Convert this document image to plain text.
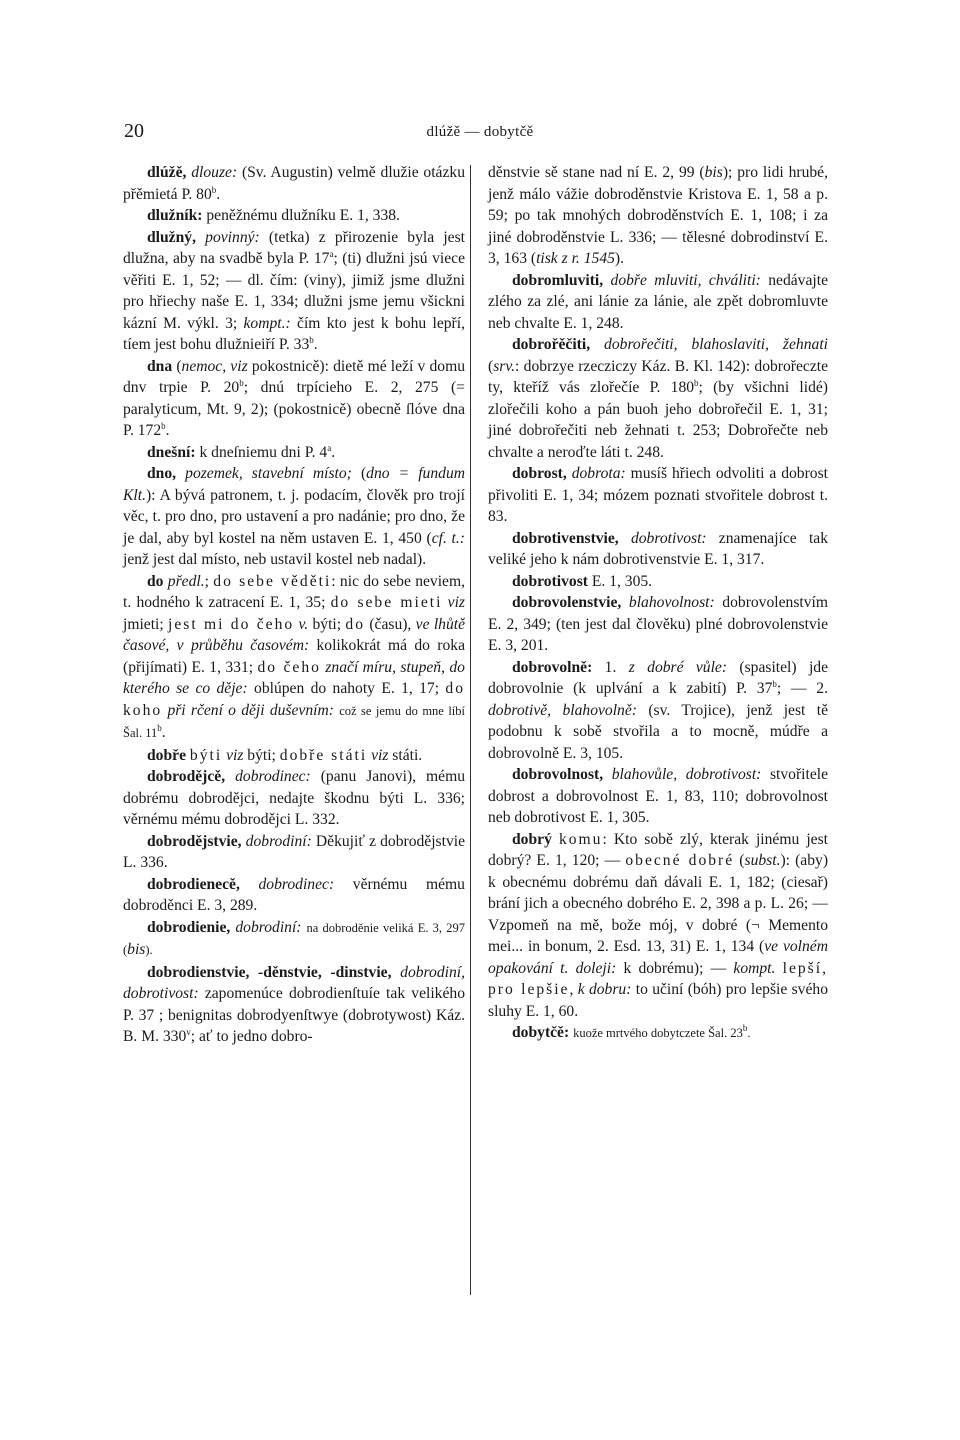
20	dlúžě — dobytčě

dlúžě, dlouze: (Sv. Augustin) velmě dlužie otázku přěmietá P. 80$^b$.

dlužník: peněžnému dlužníku E. 1, 338.

dlužný, povinný: (tetka) z přirozenie byla jest dlužna, aby na svadbě byla P. 17$^a$; (ti) dlužni jsú viece věřiti E. 1, 52; — dl. čím: (viny), jimiž jsme dlužni pro hřiechy naše E. 1, 334; dlužni jsme jemu všickni kázní M. výkl. 3; kompt.: čím kto jest k bohu lepří, tíem jest bohu dlužnieiří P. 33$^b$.

dna (nemoc, viz pokostnicě): dietě mé leží v domu dnv trpie P. 20$^b$; dnú trpícieho E. 2, 275 (= paralyticum, Mt. 9, 2); (pokostnicě) obecně ſlóve dna P. 172$^b$.

dnešní: k dneſniemu dni P. 4$^a$.

dno, pozemek, stavební místo; (dno = fundum Klt.): A bývá patronem, t. j. podacím, člověk pro trojí věc, t. pro dno, pro ustavení a pro nadánie; pro dno, že je dal, aby byl kostel na něm ustaven E. 1, 450 (cf. t.: jenž jest dal místo, neb ustavil kostel neb nadal).

do předl.; do sebe věděti: nic do sebe neviem, t. hodného k zatracení E. 1, 35; do sebe mieti viz jmieti; jest mi do čeho v. býti; do (času), ve lhůtě časové, v průběhu časovém: kolikokrát má do roka (přijímati) E. 1, 331; do čeho značí míru, stupeň, do kterého se co děje: oblúpen do nahoty E. 1, 17; do koho při rčení o ději duševním: což se jemu do mne líbí Šal. 11$^b$.

dobře býti viz býti; dobře státi viz státi.

dobrodějcě, dobrodinec: (panu Janovi), mému dobrému dobrodějci, nedajte škodnu býti L. 336; věrnému mému dobrodějci L. 332.

dobrodějstvie, dobrodiní: Děkujiť z dobrodějstvie L. 336.

dobrodienecě, dobrodinec: věrnému mému dobroděnci E. 3, 289.

dobrodienie, dobrodiní: na dobroděnie veliká E. 3, 297 (bis).

dobrodienstvie, -děnstvie, -dinstvie, dobrodiní, dobrotivost: zapomenúce dobrodienſtuíe tak velikého P. 37 ; benignitas dobrodyenſtwye (dobrotywost) Káz. B. M. 330$^v$; ať to jedno dobro-

děnstvie sě stane nad ní E. 2, 99 (bis); pro lidi hrubé, jenž málo vážie dobroděnstvie Kristova E. 1, 58 a p. 59; po tak mnohých dobroděnstvích E. 1, 108; i za jiné dobroděnstvie L. 336; — tělesné dobrodinství E. 3, 163 (tisk z r. 1545).

dobromluviti, dobře mluviti, chváliti: nedávajte zlého za zlé, ani lánie za lánie, ale zpět dobromluvte neb chvalte E. 1, 248.

dobrořěčiti, dobrořečiti, blahoslaviti, žehnati (srv.: dobrzye rzecziczy Káz. B. Kl. 142): dobrořeczte ty, kteříž vás zlořečíe P. 180$^b$; (by všichni lidé) zlořečili koho a pán buoh jeho dobrořečil E. 1, 31; jiné dobrořečiti neb žehnati t. 253; Dobrořečte neb chvalte a neroďte láti t. 248.

dobrost, dobrota: musíš hřiech odvoliti a dobrost přivoliti E. 1, 34; mózem poznati stvořitele dobrost t. 83.

dobrotivenstvie, dobrotivost: znamenajíce tak veliké jeho k nám dobrotivenstvie E. 1, 317.

dobrotivost E. 1, 305.

dobrovolenstvie, blahovolnost: dobrovolenstvím E. 2, 349; (ten jest dal člověku) plné dobrovolenstvie E. 3, 201.

dobrovolně: 1. z dobré vůle: (spasitel) jde dobrovolnie (k uplvání a k zabití) P. 37$^b$; — 2. dobrotivě, blahovolně: (sv. Trojice), jenž jest tě podobnu k sobě stvořila a to mocně, múdře a dobrovolně E. 3, 105.

dobrovolnost, blahovůle, dobrotivost: stvořitele dobrost a dobrovolnost E. 1, 83, 110; dobrovolnost neb dobrotivost E. 1, 305.

dobrý komu: Kto sobě zlý, kterak jinému jest dobrý? E. 1, 120; — obecné dobré (subst.): (aby) k obecnému dobrému daň dávali E. 1, 182; (ciesař) brání jich a obecného dobrého E. 2, 398 a p. L. 26; — Vzpomeň na mě, bože mój, v dobré (¬ Memento mei... in bonum, 2. Esd. 13, 31) E. 1, 134 (ve volném opakování t. doleji: k dobrému); — kompt. lepší, pro lepšie, k dobru: to učiní (bóh) pro lepšie svého sluhy E. 1, 60.

dobytčě: kuože mrtvého dobytczete Šal. 23$^b$.
